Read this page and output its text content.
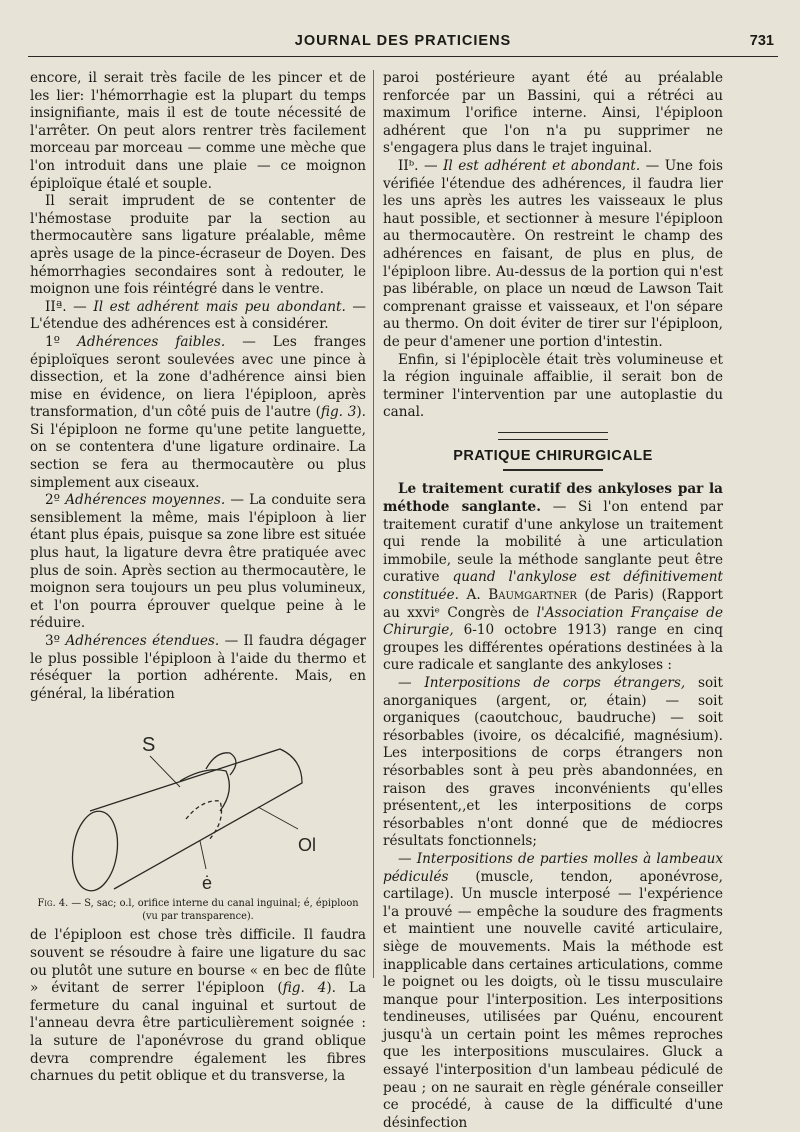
JOURNAL DES PRATICIENS	731

encore, il serait très facile de les pincer et de les lier: l'hémorrhagie est la plupart du temps insignifiante, mais il est de toute nécessité de l'arrêter. On peut alors rentrer très facilement morceau par morceau — comme une mèche que l'on introduit dans une plaie — ce moignon épiploïque étalé et souple.

Il serait imprudent de se contenter de l'hémostase produite par la section au thermocautère sans ligature préalable, même après usage de la pince-écraseur de Doyen. Des hémorrhagies secondaires sont à redouter, le moignon une fois réintégré dans le ventre.

IIª. — Il est adhérent mais peu abondant. — L'étendue des adhérences est à considérer.

1º Adhérences faibles. — Les franges épiploïques seront soulevées avec une pince à dissection, et la zone d'adhérence ainsi bien mise en évidence, on liera l'épiploon, après transformation, d'un côté puis de l'autre (fig. 3). Si l'épiploon ne forme qu'une petite languette, on se contentera d'une ligature ordinaire. La section se fera au thermocautère ou plus simplement aux ciseaux.

2º Adhérences moyennes. — La conduite sera sensiblement la même, mais l'épiploon à lier étant plus épais, puisque sa zone libre est située plus haut, la ligature devra être pratiquée avec plus de soin. Après section au thermocautère, le moignon sera toujours un peu plus volumineux, et l'on pourra éprouver quelque peine à le réduire.

3º Adhérences étendues. — Il faudra dégager le plus possible l'épiploon à l'aide du thermo et réséquer la portion adhérente. Mais, en général, la libération

S
Ol
ė
Fig. 4. — S, sac; o.l, orifice interne du canal inguinal; é, épiploon (vu par transparence).

de l'épiploon est chose très difficile. Il faudra souvent se résoudre à faire une ligature du sac ou plutôt une suture en bourse « en bec de flûte » évitant de serrer l'épiploon (fig. 4). La fermeture du canal inguinal et surtout de l'anneau devra être particulièrement soignée : la suture de l'aponévrose du grand oblique devra comprendre également les fibres charnues du petit oblique et du transverse, la

paroi postérieure ayant été au préalable renforcée par un Bassini, qui a rétréci au maximum l'orifice interne. Ainsi, l'épiploon adhérent que l'on n'a pu supprimer ne s'engagera plus dans le trajet inguinal.

IIᵇ. — Il est adhérent et abondant. — Une fois vérifiée l'étendue des adhérences, il faudra lier les uns après les autres les vaisseaux le plus haut possible, et sectionner à mesure l'épiploon au thermocautère. On restreint le champ des adhérences en faisant, de plus en plus, de l'épiploon libre. Au-dessus de la portion qui n'est pas libérable, on place un nœud de Lawson Tait comprenant graisse et vaisseaux, et l'on sépare au thermo. On doit éviter de tirer sur l'épiploon, de peur d'amener une portion d'intestin.

Enfin, si l'épiplocèle était très volumineuse et la région inguinale affaiblie, il serait bon de terminer l'intervention par une autoplastie du canal.

PRATIQUE CHIRURGICALE

Le traitement curatif des ankyloses par la méthode sanglante. — Si l'on entend par traitement curatif d'une ankylose un traitement qui rende la mobilité à une articulation immobile, seule la méthode sanglante peut être curative quand l'ankylose est définitivement constituée. A. Baumgartner (de Paris) (Rapport au xxviᵉ Congrès de l'Association Française de Chirurgie, 6-10 octobre 1913) range en cinq groupes les différentes opérations destinées à la cure radicale et sanglante des ankyloses :

— Interpositions de corps étrangers, soit anorganiques (argent, or, étain) — soit organiques (caoutchouc, baudruche) — soit résorbables (ivoire, os décalcifié, magnésium). Les interpositions de corps étrangers non résorbables sont à peu près abandonnées, en raison des graves inconvénients qu'elles présentent,,et les interpositions de corps résorbables n'ont donné que de médiocres résultats fonctionnels;

— Interpositions de parties molles à lambeaux pédiculés (muscle, tendon, aponévrose, cartilage). Un muscle interposé — l'expérience l'a prouvé — empêche la soudure des fragments et maintient une nouvelle cavité articulaire, siège de mouvements. Mais la méthode est inapplicable dans certaines articulations, comme le poignet ou les doigts, où le tissu musculaire manque pour l'interposition. Les interpositions tendineuses, utilisées par Quénu, encourent jusqu'à un certain point les mêmes reproches que les interpositions musculaires. Gluck a essayé l'interposition d'un lambeau pédiculé de peau ; on ne saurait en règle générale conseiller ce procédé, à cause de la difficulté d'une désinfection
